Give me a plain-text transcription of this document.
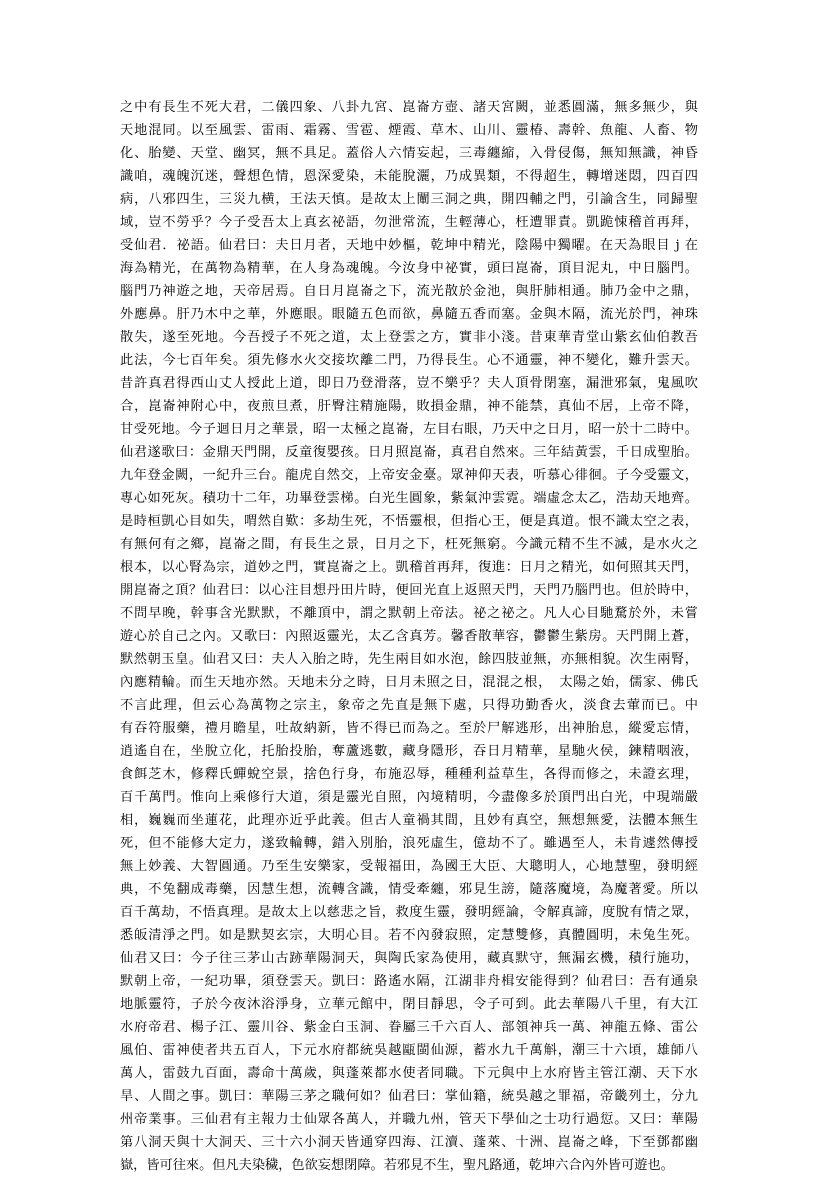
之中有長生不死大君，二儀四象、八卦九宮、崑崙方壺、諸天宮闕，並悉圓滿，無多無少，與
天地混同。以至風雲、雷雨、霜霧、雪雹、煙霞、草木、山川、靈椿、壽幹、魚龍、人畜、物
化、胎變、天堂、幽冥，無不具足。蓋俗人六情妄起，三毒纏縮，入骨侵傷，無知無識，神昏
識咱，魂魄沉迷，聲想色情，恩深愛染，未能脫灑，乃成異類，不得超生，轉增迷悶，四百四
病，八邪四生，三災九横，王法天慎。是故太上闡三洞之典，開四輔之門，引論含生，同歸聖
域，豈不勞乎？今子受吾太上真玄祕語，勿泄常流，生輕薄心，枉遭罪責。凱跪悚稽首再拜，
受仙君．祕語。仙君曰：夫日月者，天地中妙樞，乾坤中精光，陰陽中獨曜。在天為眼目 j 在
海為精光，在萬物為精華，在人身為魂魄。今汝身中祕實，頭曰崑崙，頂目泥丸，中日腦門。
腦門乃神遊之地，天帝居焉。自日月崑崙之下，流光散於金池，與肝肺相通。肺乃金中之鼎，
外應鼻。肝乃木中之華，外應眼。眼隨五色而欲，鼻隨五香而塞。金與木隔，流光於門，神珠
散失，遂至死地。今吾授子不死之道，太上登雲之方，實非小淺。昔東華青堂山紫玄仙伯教吾
此法，今七百年矣。須先修水火交接坎離二門，乃得長生。心不通靈，神不變化，難升雲天。
昔許真君得西山丈人授此上道，即日乃登滑落，豈不樂乎？夫人頂骨閉塞，漏泄邪氣，鬼風吹
合，崑崙神附心中，夜煎旦煮，肝臀注精施陽，敗損金鼎，神不能禁，真仙不居，上帝不降，
甘受死地。今子迴日月之華景，昭一太極之崑崙，左目右眼，乃天中之日月，昭一於十二時中。
仙君遂歌曰：金鼎天門開，反童復嬰孩。日月照崑崙，真君自然來。三年結黃雲，千日成聖胎。
九年登金闕，一紀升三台。龍虎自然交，上帝安金臺。眾神仰天表，听慕心徘徊。子今受靈文，
專心如死灰。積功十二年，功畢登雲梯。白光生圓象，紫氣沖雲霓。端虛念太乙，浩劫天地齊。
是時桓凱心目如失，喟然自歎：多劫生死，不悟靈根，但指心王，便是真道。恨不識太空之表，
有無何有之鄉，崑崙之間，有長生之景，日月之下，枉死無窮。今識元精不生不滅，是水火之
根本，以心腎為宗，道妙之門，實崑崙之上。凱稽首再拜，復進：日月之精光，如何照其天門，
開崑崙之頂？仙君曰：以心注目想丹田片時，便回光直上返照天門，天門乃腦門也。但於時中，
不問早晚，幹事含光默默，不離頂中，謂之默朝上帝法。祕之祕之。凡人心目馳騖於外，未嘗
遊心於自己之內。又歌曰：內照返靈光，太乙含真芳。馨香散華容，鬱鬱生紫房。天門開上蒼，
默然朝玉皇。仙君又曰：夫人入胎之時，先生兩目如水泡，餘四肢並無，亦無相貌。次生兩腎，
內應精輪。而生天地亦然。天地未分之時，日月未照之日，混混之根，　太陽之始，儒家、佛氏
不言此理，但云心為萬物之宗主，象帝之先直是無下處，只得功勤香火，淡食去葷而已。中
有吞符服藥，禮月瞻星，吐故納新，皆不得已而為之。至於尸解逃形，出神胎息，縱愛忘情，
逍遙自在，坐脫立化，托胎投胎，奪蘆逃數，藏身隱形，吞日月精華，星馳火侯，鍊精咽液，
食餌芝木，修釋氏蟬蛻空景，捨色行身，布施忍辱，種種利益草生，各得而修之，未證玄理，
百千萬門。惟向上乘修行大道，須是靈光自照，內境精明，今盡像多於頂門出白光，中現端嚴
相，巍巍而坐蓮花，此理亦近乎此義。但古人童禍其間，且妙有真空，無想無愛，法體本無生
死，但不能修大定力，遂致輪轉，錯入別胎，浪死虛生，億劫不了。雖遇至人，未肯遽然傳授
無上妙義、大智圓通。乃至生安樂家，受報福田，為國王大臣、大聰明人，心地慧聖，發明經
典，不兔翻成毒藥，因慧生想，流轉含識，情受牽纏，邪見生謗，隨落魔境，為魔著愛。所以
百千萬劫，不悟真理。是故太上以慈悲之旨，救度生靈，發明經論，令解真諦，度脫有情之眾，
悉皈清淨之門。如是默契玄宗，大明心目。若不內發寂照，定慧雙修，真體圓明，未兔生死。
仙君又曰：今子往三茅山古跡華陽洞天，與陶氏家為使用，藏真默守，無漏玄機，積行施功，
默朝上帝，一紀功畢，須登雲天。凱曰：路遙水隔，江湖非舟楫安能得到？仙君曰：吾有通泉
地脈靈符，子於今夜沐浴淨身，立華元館中，閉目靜思，令子可到。此去華陽八千里，有大江
水府帝君、楊子江、靈川谷、紫金白玉洞、眷屬三千六百人、部領神兵一萬、神龍五條、雷公
風伯、雷神使者共五百人，下元水府都統吳越甌閩仙源，蓄水九千萬斛，潮三十六頃，雄師八
萬人，雷鼓九百面，壽命十萬歲，與蓬萊都水使者同職。下元與中上水府皆主管江潮、天下水
旱、人間之事。凱曰：華陽三茅之職何如？仙君曰：掌仙籍，統吳越之罪福，帝畿列土，分九
州帝業事。三仙君有主報力士仙眾各萬人，并職九州，管天下學仙之士功行過愆。又曰：華陽
第八洞天與十大洞天、三十六小洞天皆通穿四海、江瀆、蓬萊、十洲、崑崙之峰，下至鄧都幽
嶽，皆可往來。但凡夫染穢，色欲妄想閉障。若邪見不生，聖凡路通，乾坤六合內外皆可遊也。
